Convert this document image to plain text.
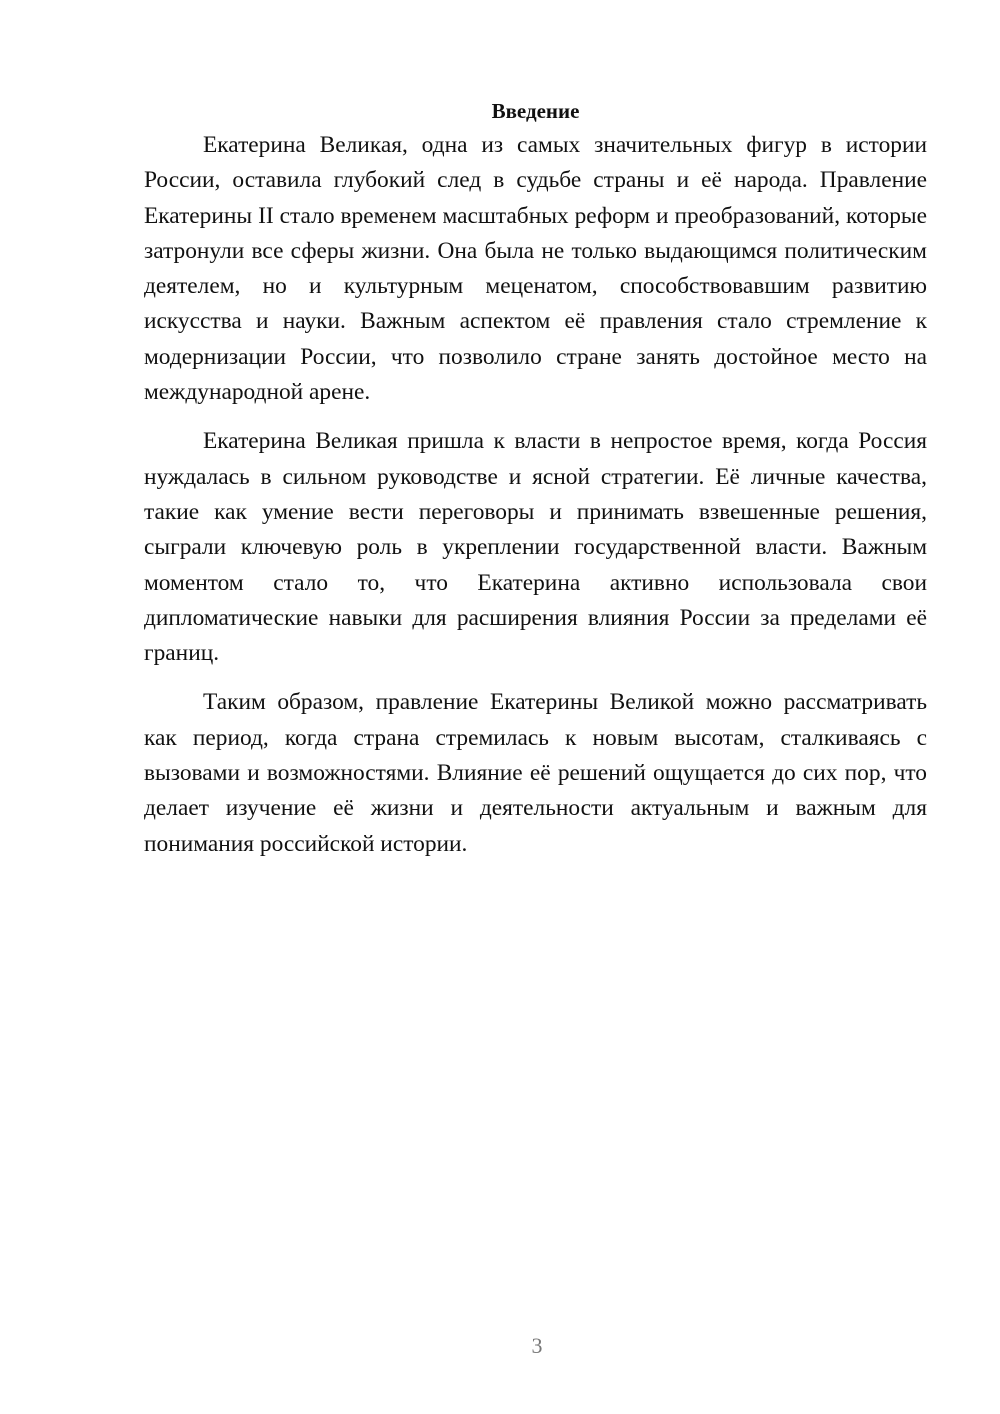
Введение

Екатерина Великая, одна из самых значительных фигур в истории России, оставила глубокий след в судьбе страны и её народа. Правление Екатерины II стало временем масштабных реформ и преобразований, которые затронули все сферы жизни. Она была не только выдающимся политическим деятелем, но и культурным меценатом, способствовавшим развитию искусства и науки. Важным аспектом её правления стало стремление к модернизации России, что позволило стране занять достойное место на международной арене.

Екатерина Великая пришла к власти в непростое время, когда Россия нуждалась в сильном руководстве и ясной стратегии. Её личные качества, такие как умение вести переговоры и принимать взвешенные решения, сыграли ключевую роль в укреплении государственной власти. Важным моментом стало то, что Екатерина активно использовала свои дипломатические навыки для расширения влияния России за пределами её границ.

Таким образом, правление Екатерины Великой можно рассматривать как период, когда страна стремилась к новым высотам, сталкиваясь с вызовами и возможностями. Влияние её решений ощущается до сих пор, что делает изучение её жизни и деятельности актуальным и важным для понимания российской истории.

3
